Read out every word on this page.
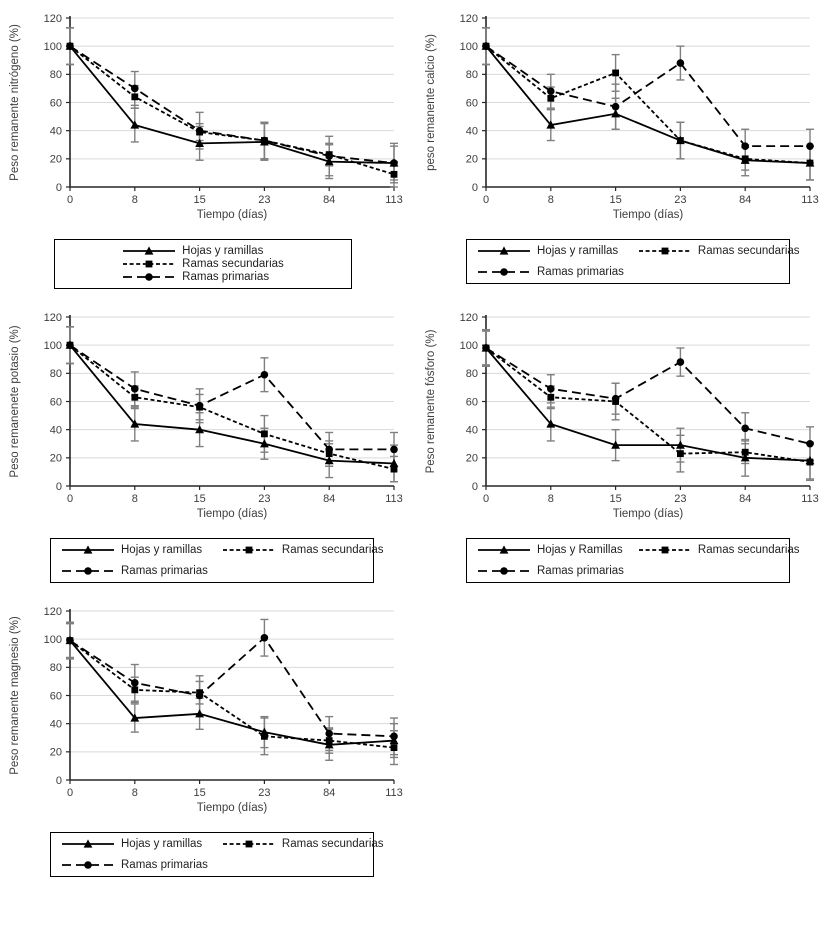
0
20
40
60
80
100
120
0	8	15	23	84	113
Tiempo (días)
Peso remanente nitrógeno (%)
Hojas y ramillas
Ramas secundarias
Ramas primarias
0
20
40
60
80
100
120
0	8	15	23	84	113
Tiempo (días)
peso remanente calcio (%)
Hojas y ramillas	Ramas secundarias
Ramas primarias
0
20
40
60
80
100
120
0	8	15	23	84	113
Tiempo (días)
Peso remanenete potasio (%)
Hojas y ramillas	Ramas secundarias
Ramas primarias
0
20
40
60
80
100
120
0	8	15	23	84	113
Tiempo (días)
Peso remanente fósforo (%)
Hojas y Ramillas	Ramas secundarias
Ramas primarias
0
20
40
60
80
100
120
0	8	15	23	84	113
Tiempo (días)
Peso remanente magnesio (%)
Hojas y ramillas	Ramas secundarias
Ramas primarias
